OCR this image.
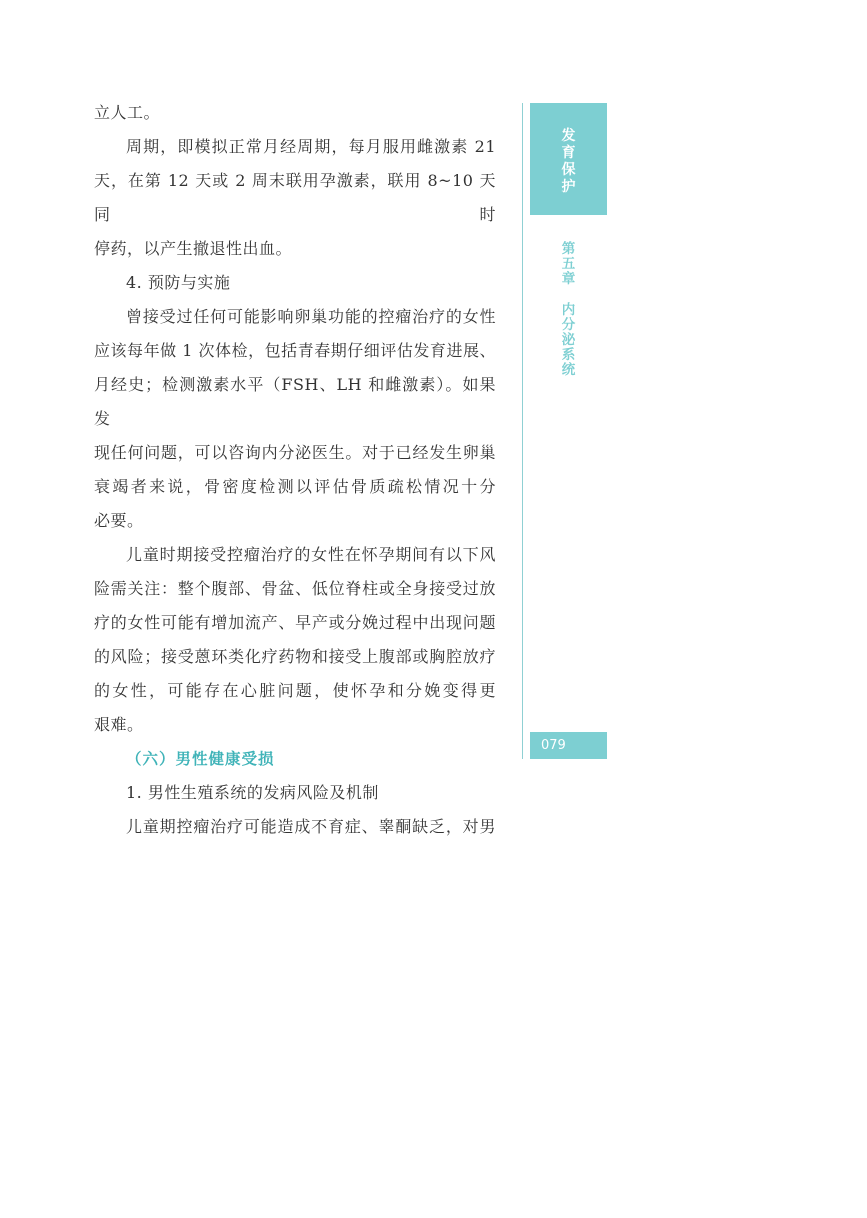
立人工。

周期，即模拟正常月经周期，每月服用雌激素 21

天，在第 12 天或 2 周末联用孕激素，联用 8~10 天同时

停药，以产生撤退性出血。

4. 预防与实施

曾接受过任何可能影响卵巢功能的控瘤治疗的女性

应该每年做 1 次体检，包括青春期仔细评估发育进展、

月经史；检测激素水平（FSH、LH 和雌激素）。如果发

现任何问题，可以咨询内分泌医生。对于已经发生卵巢

衰竭者来说，骨密度检测以评估骨质疏松情况十分

必要。

儿童时期接受控瘤治疗的女性在怀孕期间有以下风

险需关注：整个腹部、骨盆、低位脊柱或全身接受过放

疗的女性可能有增加流产、早产或分娩过程中出现问题

的风险；接受蒽环类化疗药物和接受上腹部或胸腔放疗

的女性，可能存在心脏问题，使怀孕和分娩变得更

艰难。

（六）男性健康受损

1. 男性生殖系统的发病风险及机制

儿童期控瘤治疗可能造成不育症、睾酮缺乏，对男

发
育
保
护
第
五
章
内
分
泌
系
统
079
